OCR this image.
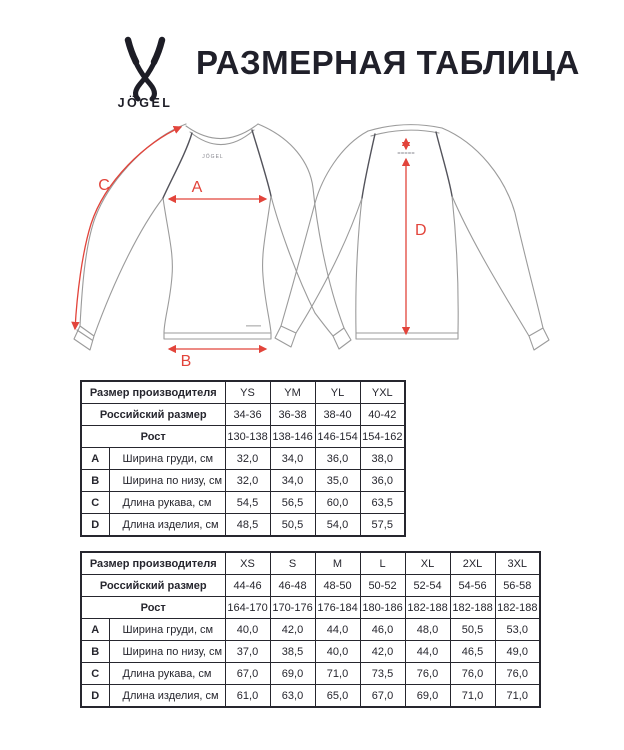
JÖGEL
РАЗМЕРНАЯ ТАБЛИЦА
JÖGEL
A
B
C
D
Размер производителя		YS	YM	YL	YXL
Российский размер		34-36	36-38	38-40	40-42
Рост		130-138	138-146	146-154	154-162
A	Ширина груди, см	32,0	34,0	36,0	38,0
B	Ширина по низу, см	32,0	34,0	35,0	36,0
C	Длина рукава, см	54,5	56,5	60,0	63,5
D	Длина изделия, см	48,5	50,5	54,0	57,5
Размер производителя		XS	S	M	L	XL	2XL	3XL
Российский размер		44-46	46-48	48-50	50-52	52-54	54-56	56-58
Рост		164-170	170-176	176-184	180-186	182-188	182-188	182-188
A	Ширина груди, см	40,0	42,0	44,0	46,0	48,0	50,5	53,0
B	Ширина по низу, см	37,0	38,5	40,0	42,0	44,0	46,5	49,0
C	Длина рукава, см	67,0	69,0	71,0	73,5	76,0	76,0	76,0
D	Длина изделия, см	61,0	63,0	65,0	67,0	69,0	71,0	71,0
